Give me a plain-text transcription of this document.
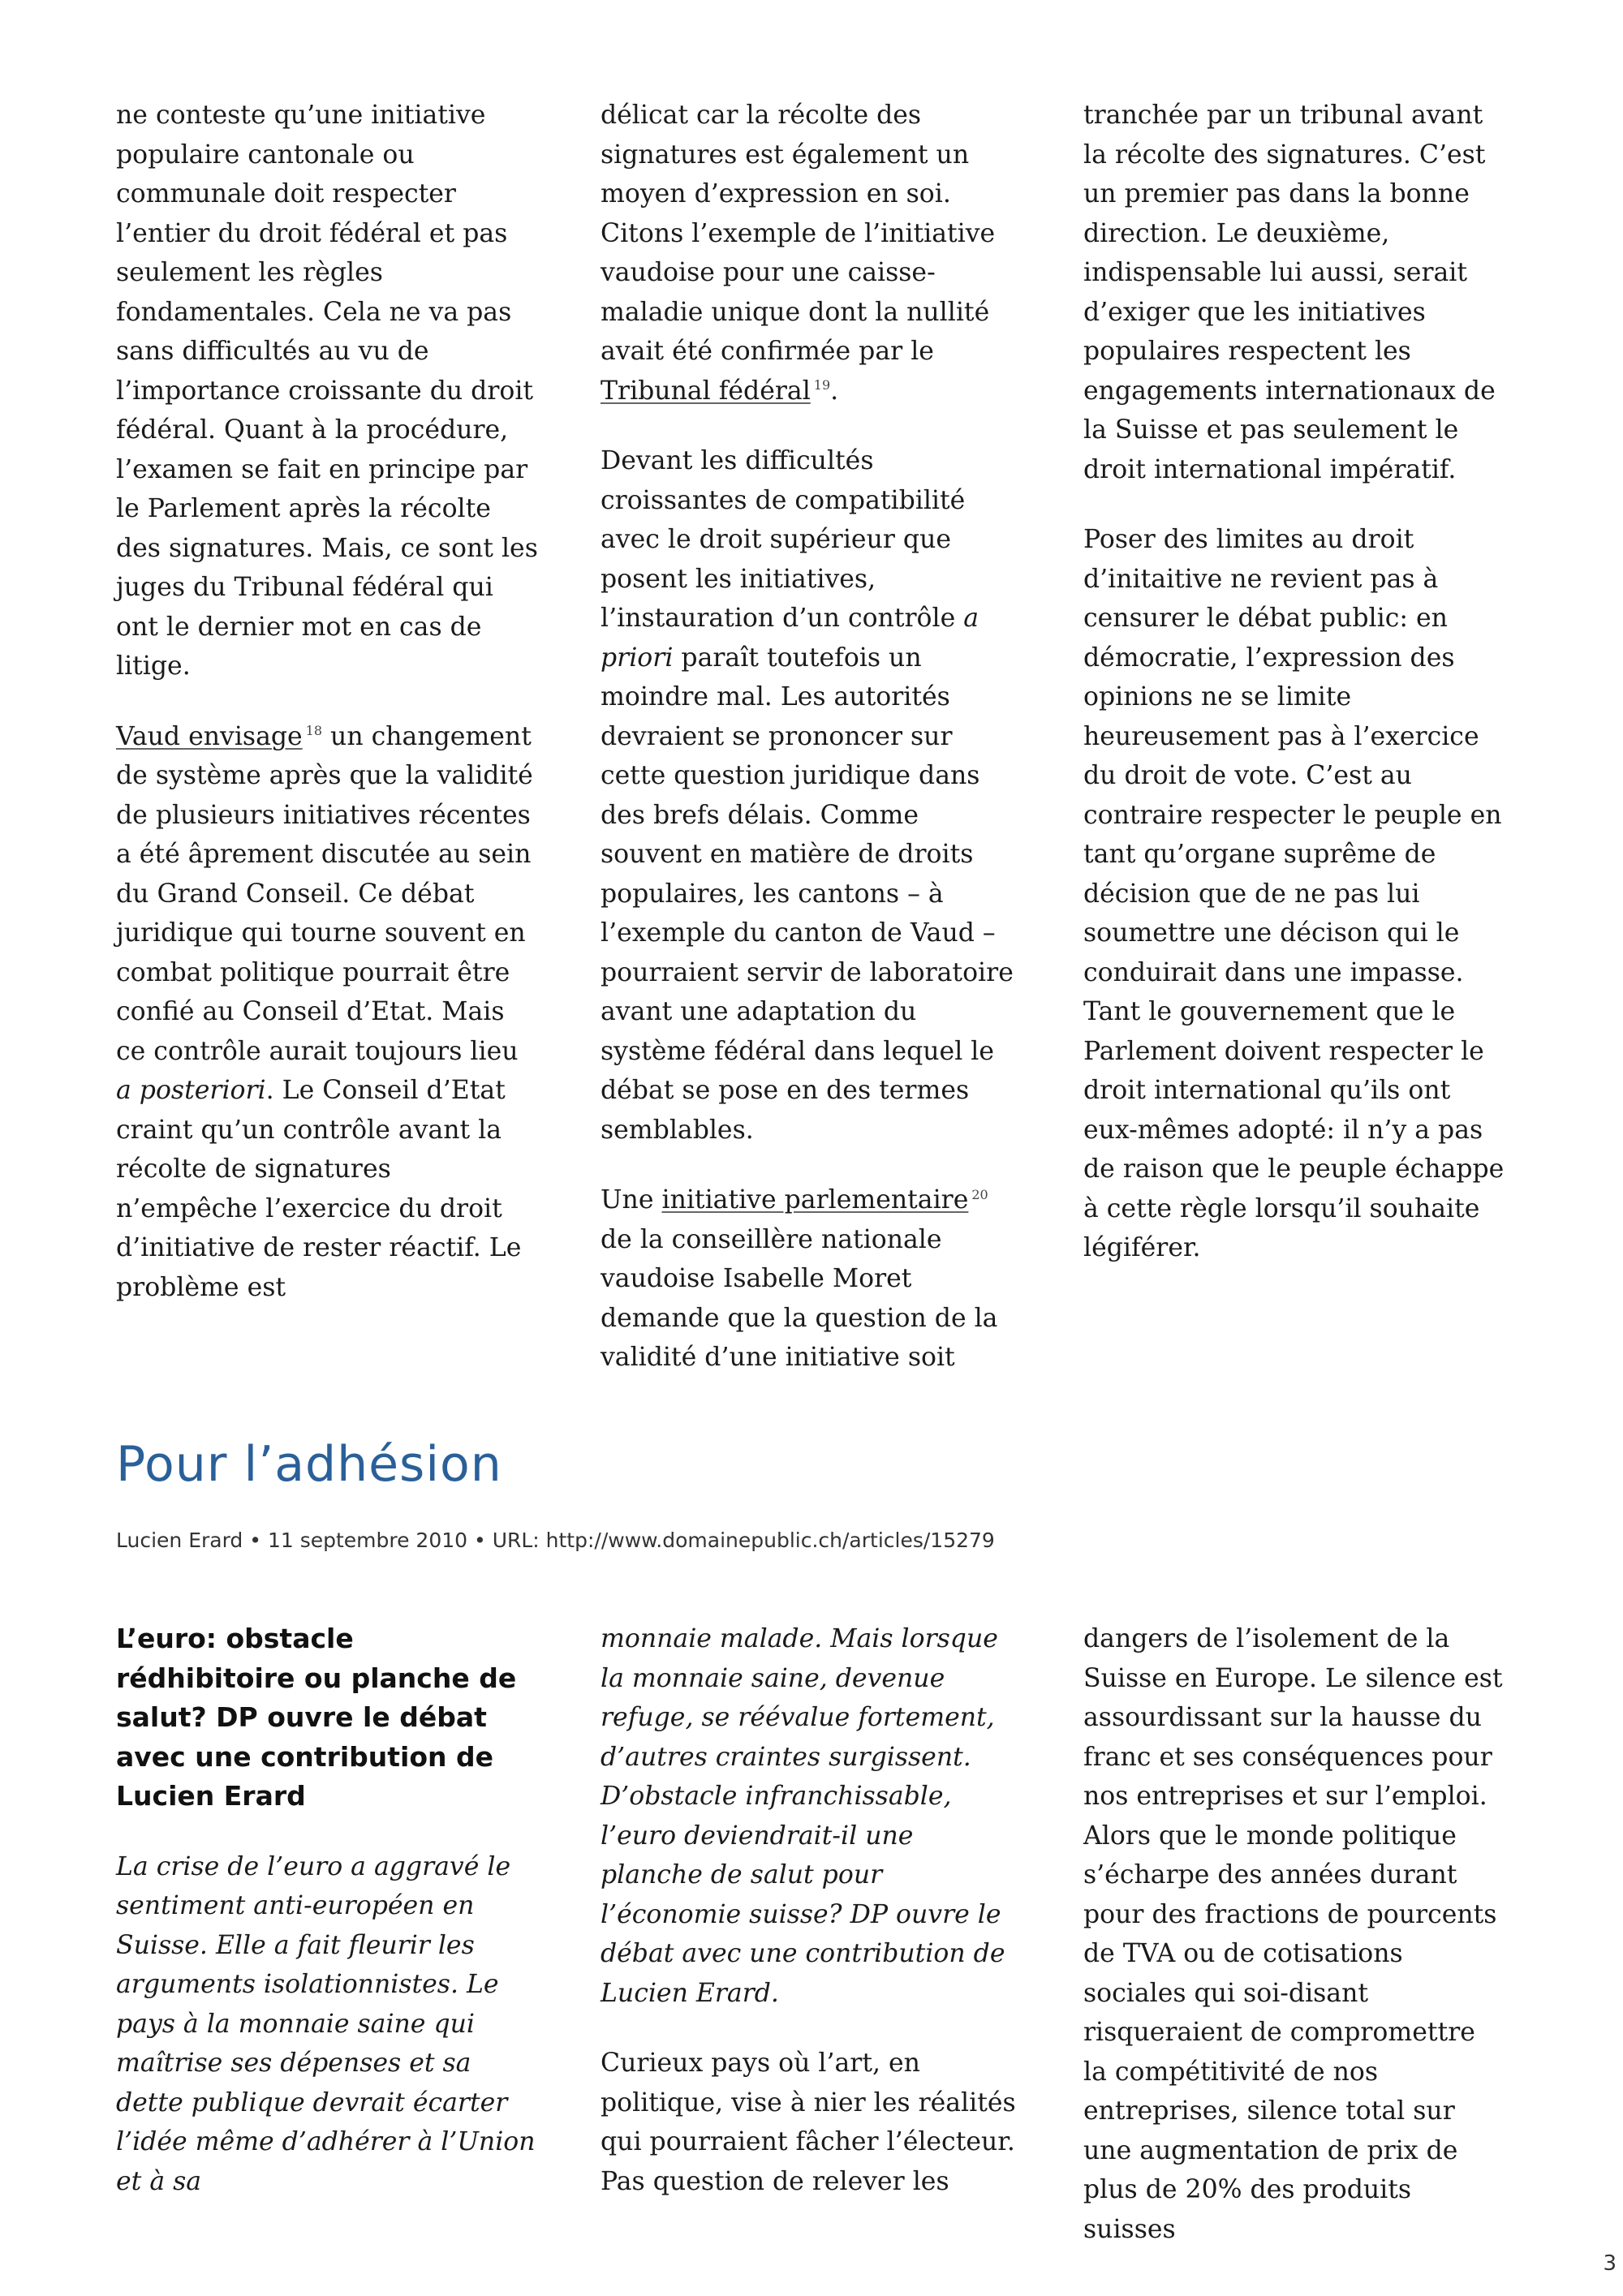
ne conteste qu’une initiative populaire cantonale ou communale doit respecter l’entier du droit fédéral et pas seulement les règles fondamentales. Cela ne va pas sans difficultés au vu de l’importance croissante du droit fédéral. Quant à la procédure, l’examen se fait en principe par le Parlement après la récolte des signatures. Mais, ce sont les juges du Tribunal fédéral qui ont le dernier mot en cas de litige.

Vaud envisage $^{18}$ un changement de système après que la validité de plusieurs initiatives récentes a été âprement discutée au sein du Grand Conseil. Ce débat juridique qui tourne souvent en combat politique pourrait être confié au Conseil d’Etat. Mais ce contrôle aurait toujours lieu a posteriori. Le Conseil d’Etat craint qu’un contrôle avant la récolte de signatures n’empêche l’exercice du droit d’initiative de rester réactif. Le problème est

délicat car la récolte des signatures est également un moyen d’expression en soi. Citons l’exemple de l’initiative vaudoise pour une caisse-maladie unique dont la nullité avait été confirmée par le Tribunal fédéral $^{19}$.

Devant les difficultés croissantes de compatibilité avec le droit supérieur que posent les initiatives, l’instauration d’un contrôle a priori paraît toutefois un moindre mal. Les autorités devraient se prononcer sur cette question juridique dans des brefs délais. Comme souvent en matière de droits populaires, les cantons – à l’exemple du canton de Vaud – pourraient servir de laboratoire avant une adaptation du système fédéral dans lequel le débat se pose en des termes semblables.

Une initiative parlementaire $^{20}$ de la conseillère nationale vaudoise Isabelle Moret demande que la question de la validité d’une initiative soit

tranchée par un tribunal avant la récolte des signatures. C’est un premier pas dans la bonne direction. Le deuxième, indispensable lui aussi, serait d’exiger que les initiatives populaires respectent les engagements internationaux de la Suisse et pas seulement le droit international impératif.

Poser des limites au droit d’initaitive ne revient pas à censurer le débat public: en démocratie, l’expression des opinions ne se limite heureusement pas à l’exercice du droit de vote. C’est au contraire respecter le peuple en tant qu’organe suprême de décision que de ne pas lui soumettre une décison qui le conduirait dans une impasse. Tant le gouvernement que le Parlement doivent respecter le droit international qu’ils ont eux-mêmes adopté: il n’y a pas de raison que le peuple échappe à cette règle lorsqu’il souhaite légiférer.

Pour l’adhésion
Lucien Erard • 11 septembre 2010 • URL: http://www.domainepublic.ch/articles/15279

L’euro: obstacle rédhibitoire ou planche de salut? DP ouvre le débat avec une contribution de Lucien Erard

La crise de l’euro a aggravé le sentiment anti-européen en Suisse. Elle a fait fleurir les arguments isolationnistes. Le pays à la monnaie saine qui maîtrise ses dépenses et sa dette publique devrait écarter l’idée même d’adhérer à l’Union et à sa

monnaie malade. Mais lorsque la monnaie saine, devenue refuge, se réévalue fortement, d’autres craintes surgissent. D’obstacle infranchissable, l’euro deviendrait-il une planche de salut pour l’économie suisse? DP ouvre le débat avec une contribution de Lucien Erard.

Curieux pays où l’art, en politique, vise à nier les réalités qui pourraient fâcher l’électeur. Pas question de relever les

dangers de l’isolement de la Suisse en Europe. Le silence est assourdissant sur la hausse du franc et ses conséquences pour nos entreprises et sur l’emploi. Alors que le monde politique s’écharpe des années durant pour des fractions de pourcents de TVA ou de cotisations sociales qui soi-disant risqueraient de compromettre la compétitivité de nos entreprises, silence total sur une augmentation de prix de plus de 20% des produits suisses

3
